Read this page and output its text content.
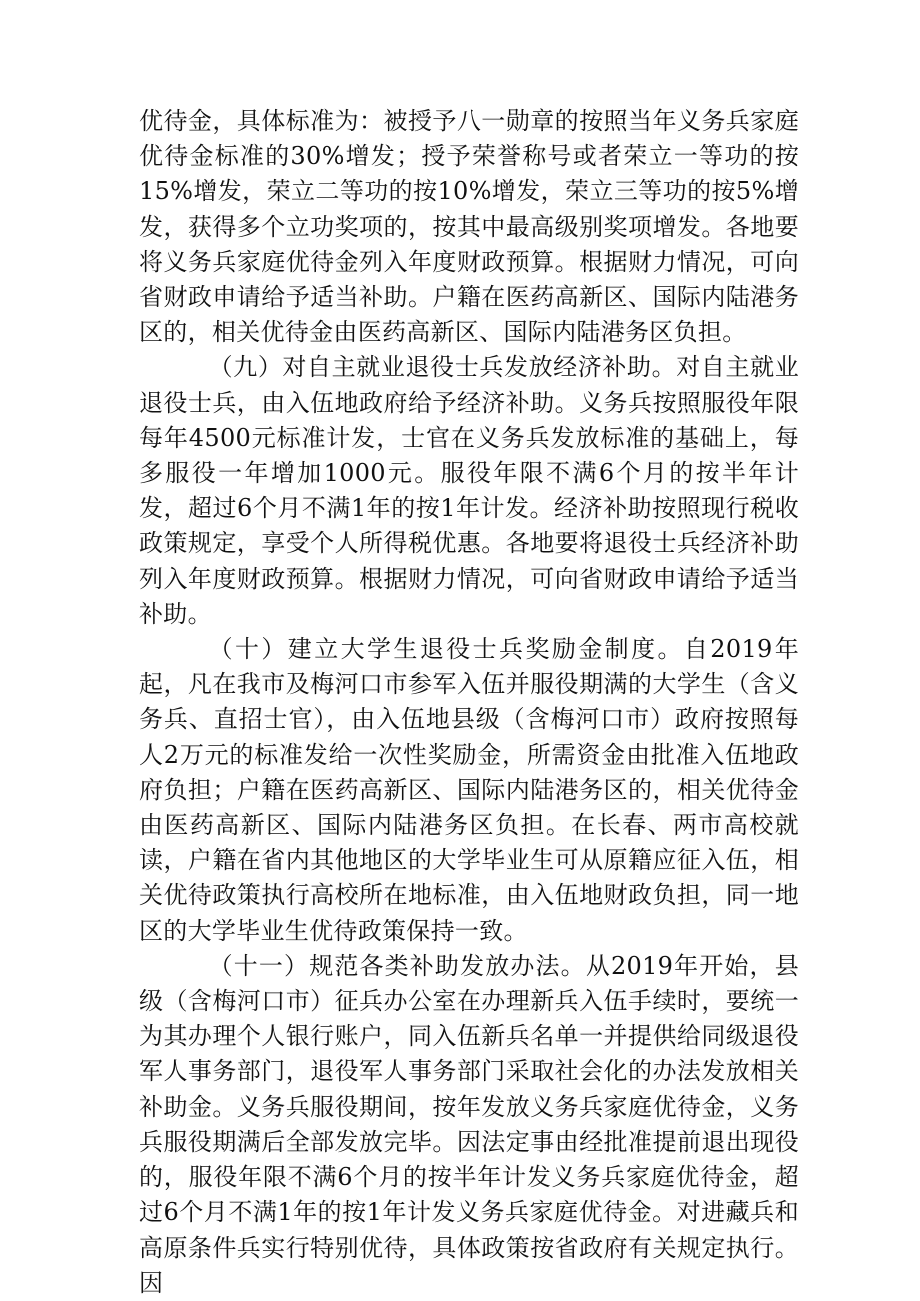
优待金，具体标准为：被授予八一勋章的按照当年义务兵家庭优待金标准的30%增发；授予荣誉称号或者荣立一等功的按15%增发，荣立二等功的按10%增发，荣立三等功的按5%增发，获得多个立功奖项的，按其中最高级别奖项增发。各地要将义务兵家庭优待金列入年度财政预算。根据财力情况，可向省财政申请给予适当补助。户籍在医药高新区、国际内陆港务区的，相关优待金由医药高新区、国际内陆港务区负担。

（九）对自主就业退役士兵发放经济补助。对自主就业退役士兵，由入伍地政府给予经济补助。义务兵按照服役年限每年4500元标准计发，士官在义务兵发放标准的基础上，每多服役一年增加1000元。服役年限不满6个月的按半年计发，超过6个月不满1年的按1年计发。经济补助按照现行税收政策规定，享受个人所得税优惠。各地要将退役士兵经济补助列入年度财政预算。根据财力情况，可向省财政申请给予适当补助。

（十）建立大学生退役士兵奖励金制度。自2019年起，凡在我市及梅河口市参军入伍并服役期满的大学生（含义务兵、直招士官），由入伍地县级（含梅河口市）政府按照每人2万元的标准发给一次性奖励金，所需资金由批准入伍地政府负担；户籍在医药高新区、国际内陆港务区的，相关优待金由医药高新区、国际内陆港务区负担。在长春、两市高校就读，户籍在省内其他地区的大学毕业生可从原籍应征入伍，相关优待政策执行高校所在地标准，由入伍地财政负担，同一地区的大学毕业生优待政策保持一致。

（十一）规范各类补助发放办法。从2019年开始，县级（含梅河口市）征兵办公室在办理新兵入伍手续时，要统一为其办理个人银行账户，同入伍新兵名单一并提供给同级退役军人事务部门，退役军人事务部门采取社会化的办法发放相关补助金。义务兵服役期间，按年发放义务兵家庭优待金，义务兵服役期满后全部发放完毕。因法定事由经批准提前退出现役的，服役年限不满6个月的按半年计发义务兵家庭优待金，超过6个月不满1年的按1年计发义务兵家庭优待金。对进藏兵和高原条件兵实行特别优待，具体政策按省政府有关规定执行。因
